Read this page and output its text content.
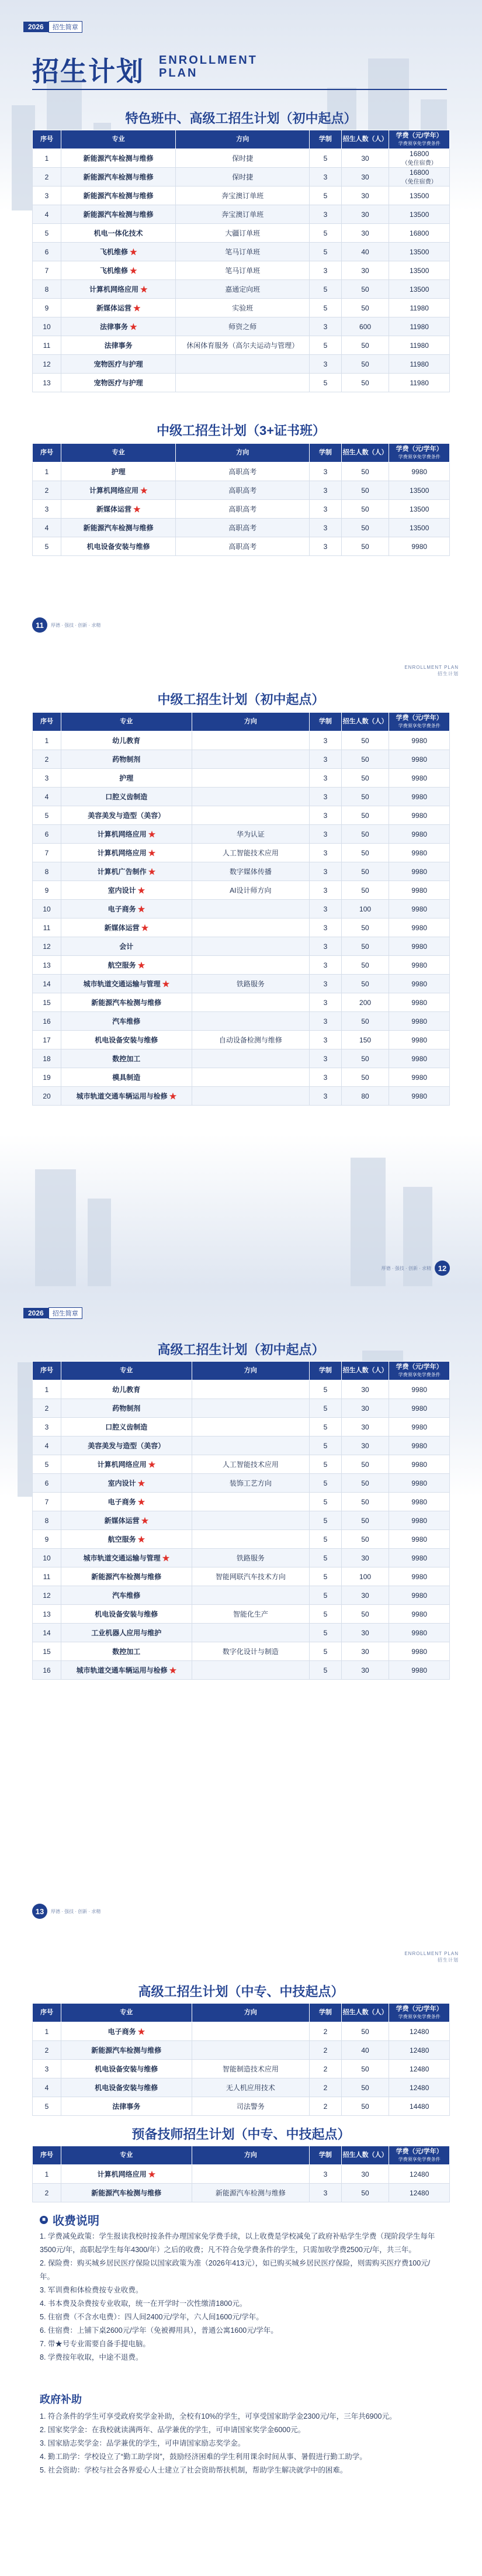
2026	招生简章
招生计划 ENROLLMENT
PLAN
特色班中、高级工招生计划（初中起点）
序号	专业	方向	学制	招生人数（人）	学费（元/学年）
学费须享免学费条件

1	新能源汽车检测与维修	保时捷	5	30	16800
（免住宿费）

2	新能源汽车检测与维修	保时捷	3	30	16800
（免住宿费）

3	新能源汽车检测与维修	奔宝澳订单班	5	30	13500
4	新能源汽车检测与维修	奔宝澳订单班	3	30	13500
5	机电一体化技术	大疆订单班	5	30	16800
6	飞机维修 ★	笔马订单班	5	40	13500
7	飞机维修 ★	笔马订单班	3	30	13500
8	计算机网络应用 ★	嘉通定向班	5	50	13500
9	新媒体运营 ★	实验班	5	50	11980
10	法律事务 ★	师资之师	3	600	11980
11	法律事务	休闲体育服务（高尔夫运动与管理）	5	50	11980
12	宠物医疗与护理		3	50	11980
13	宠物医疗与护理		5	50	11980
中级工招生计划（3+证书班）
序号	专业	方向	学制	招生人数（人）	学费（元/学年）
学费须享免学费条件

1	护理	高职高考	3	50	9980
2	计算机网络应用 ★	高职高考	3	50	13500
3	新媒体运营 ★	高职高考	3	50	13500
4	新能源汽车检测与维修	高职高考	3	50	13500
5	机电设备安装与维修	高职高考	3	50	9980
11	厚德 · 强技 · 创新 · 求精
ENROLLMENT PLAN
招生计划
中级工招生计划（初中起点）
序号	专业	方向	学制	招生人数（人）	学费（元/学年）
学费须享免学费条件

1	幼儿教育		3	50	9980
2	药物制剂		3	50	9980
3	护理		3	50	9980
4	口腔义齿制造		3	50	9980
5	美容美发与造型（美容）		3	50	9980
6	计算机网络应用 ★	华为认证	3	50	9980
7	计算机网络应用 ★	人工智能技术应用	3	50	9980
8	计算机广告制作 ★	数字媒体传播	3	50	9980
9	室内设计 ★	AI设计师方向	3	50	9980
10	电子商务 ★		3	100	9980
11	新媒体运营 ★		3	50	9980
12	会计		3	50	9980
13	航空服务 ★		3	50	9980
14	城市轨道交通运输与管理 ★	铁路服务	3	50	9980
15	新能源汽车检测与维修		3	200	9980
16	汽车维修		3	50	9980
17	机电设备安装与维修	自动设备检测与维修	3	150	9980
18	数控加工		3	50	9980
19	模具制造		3	50	9980
20	城市轨道交通车辆运用与检修 ★		3	80	9980
厚德 · 强技 · 创新 · 求精 12
2026	招生简章
高级工招生计划（初中起点）
序号	专业	方向	学制	招生人数（人）	学费（元/学年）
学费须享免学费条件

1	幼儿教育		5	30	9980
2	药物制剂		5	30	9980
3	口腔义齿制造		5	30	9980
4	美容美发与造型（美容）		5	30	9980
5	计算机网络应用 ★	人工智能技术应用	5	50	9980
6	室内设计 ★	装饰工艺方向	5	50	9980
7	电子商务 ★		5	50	9980
8	新媒体运营 ★		5	50	9980
9	航空服务 ★		5	50	9980
10	城市轨道交通运输与管理 ★	铁路服务	5	30	9980
11	新能源汽车检测与维修	智能网联汽车技术方向	5	100	9980
12	汽车维修		5	30	9980
13	机电设备安装与维修	智能化生产	5	50	9980
14	工业机器人应用与维护		5	30	9980
15	数控加工	数字化设计与制造	5	30	9980
16	城市轨道交通车辆运用与检修 ★		5	30	9980
13	厚德 · 强技 · 创新 · 求精
ENROLLMENT PLAN
招生计划
高级工招生计划（中专、中技起点）
序号	专业	方向	学制	招生人数（人）	学费（元/学年）
学费须享免学费条件

1	电子商务 ★		2	50	12480
2	新能源汽车检测与维修		2	40	12480
3	机电设备安装与维修	智能制造技术应用	2	50	12480
4	机电设备安装与维修	无人机应用技术	2	50	12480
5	法律事务	司法警务	2	50	14480
预备技师招生计划（中专、中技起点）
序号	专业	方向	学制	招生人数（人）	学费（元/学年）
学费须享免学费条件

1	计算机网络应用 ★		3	30	12480
2	新能源汽车检测与维修	新能源汽车检测与维修	3	50	12480
■ 收费说明

1. 学费减免政策：学生报读我校时按条件办理国家免学费手续，以上收费是学校减免了政府补贴学生学费（现阶段学生每年3500元/年，高职起学生每年4300/年）之后的收费；凡不符合免学费条件的学生，只需加收学费2500元/年，共三年。

2. 保险费：购买城乡居民医疗保险以国家政策为准（2026年413元），如已购买城乡居民医疗保险，则需购买医疗费100元/年。

3. 军训费和体检费按专业收费。

4. 书本费及杂费按专业收取，统一在开学时一次性缴清1800元。

5. 住宿费（不含水电费）：四人间2400元/学年，六人间1600元/学年。

6. 住宿费：上铺下桌2600元/学年（免被褥用具），普通公寓1600元/学年。

7. 带★号专业需要自备手提电脑。

8. 学费按年收取，中途不退费。

政府补助

1. 符合条件的学生可享受政府奖学金补助，全校有10%的学生，可享受国家助学金2300元/年，三年共6900元。

2. 国家奖学金：在我校就读满两年、品学兼优的学生，可申请国家奖学金6000元。

3. 国家励志奖学金：品学兼优的学生，可申请国家励志奖学金。

4. 勤工助学：学校设立了“勤工助学岗”，鼓励经济困难的学生利用课余时间从事、暑假进行勤工助学。

5. 社会资助：学校与社会各界爱心人士建立了社会资助帮扶机制，帮助学生解决就学中的困难。
